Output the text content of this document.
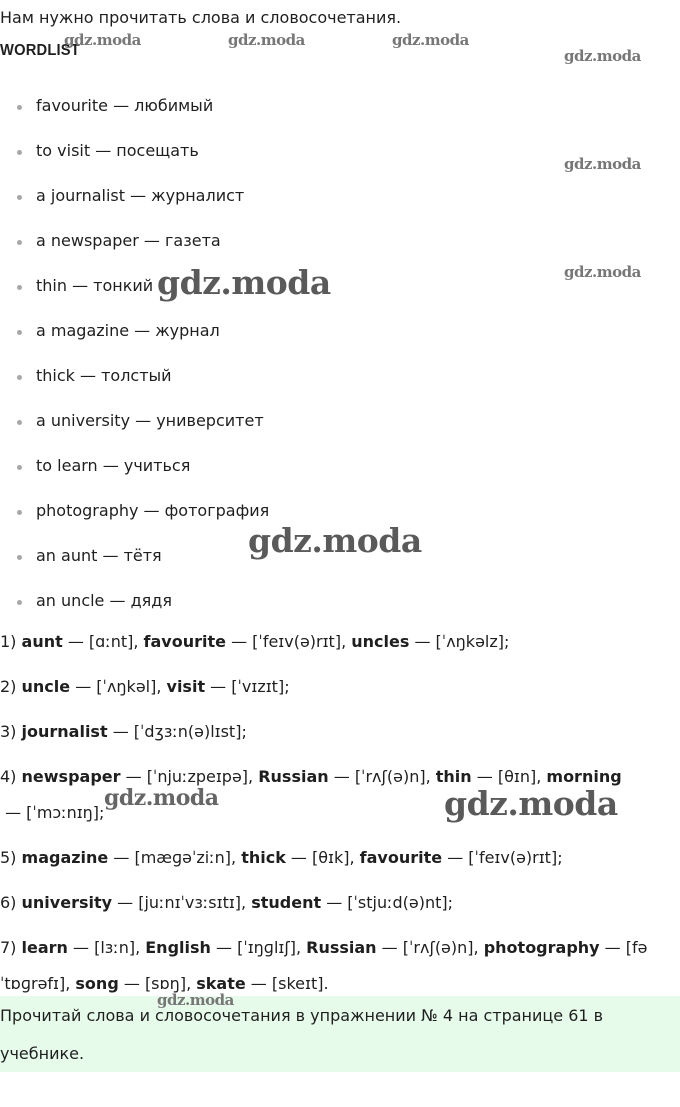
Нам нужно прочитать слова и словосочетания.
WORDLIST
favourite — любимый
to visit — посещать
a journalist — журналист
a newspaper — газета
thin — тонкий
a magazine — журнал
thick — толстый
a university — университет
to learn — учиться
photography — фотография
an aunt — тётя
an uncle — дядя
1) aunt — [ɑːnt], favourite — [ˈfeɪv(ə)rɪt], uncles — [ˈʌŋkəlz];
2) uncle — [ˈʌŋkəl], visit — [ˈvɪzɪt];
3) journalist — [ˈdʒɜːn(ə)lɪst];
4) newspaper — [ˈnjuːzpeɪpə], Russian — [ˈrʌʃ(ə)n], thin — [θɪn], morning — [ˈmɔːnɪŋ];
5) magazine — [mæɡəˈziːn], thick — [θɪk], favourite — [ˈfeɪv(ə)rɪt];
6) university — [juːnɪˈvɜːsɪtɪ], student — [ˈstjuːd(ə)nt];
7) learn — [lɜːn], English — [ˈɪŋɡlɪʃ], Russian — [ˈrʌʃ(ə)n], photography — [fəˈtɒɡrəfɪ], song — [sɒŋ], skate — [skeɪt].
Прочитай слова и словосочетания в упражнении № 4 на странице 61 в учебнике.
gdz.moda	gdz.moda	gdz.moda
gdz.moda
gdz.moda
gdz.moda
gdz.moda
gdz.moda
gdz.moda	gdz.moda
gdz.moda
